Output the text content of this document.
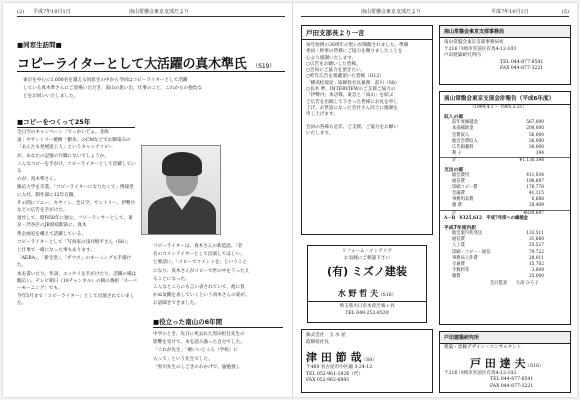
(2) 平成7年10月1日	南山常盤会東京支部だより
■同窓生訪問■
コピーライターとして大活躍の真木準氏 （S19）

東京を中心に1,600名を越える同窓生の中から今回はコピーライターとして活躍

している真木準さんにご登場いただき、南山の思い出、仕事のこと、これからの抱負な

どをお伺いいたしました。

■コピーをつくって25年

全日空のキャンペーン「でっかいどぉ。北海

道」やサントリー焼酎「樹氷」のCMなどでお馴染みの「あんたも発展途上人」というキャッチコピー

が、あなたの記憶の片隅にないでしょうか。

こんなコピーを手がけ、コピーライターとして活躍している

のが、真木準さん。

慶応大学を卒業、「コピーライターになりたくて」博報堂に入社。制作部に12年在籍。

その間にソニー、キヤノン、全日空、サントリー、伊勢丹などの広告を手がけた。

退社して、昭和58年に独立。フリーランサーとして、東京・渋谷区のJR原宿駅前に、真木

準企画室を構えて活躍している。

コピーライターとして「写真家の浅井慎平さん（S8）」

と仕事で一緒になった事もあります。

「AERA」、「新生堂」、「ザウス」のネーミングも手掛けた。

本を書いたり、作詞、エッセイを手がけたり、活躍の場は幅広い。テレビ朝日（10チャンネル）の朝の番組「スーパーモーニング」でも、

今年5月まで「コピーライター」として出演されていました。

コピーライターは、真木さんの新造語。「者

名のコメンテイターとして出演してほしい」

と要請に、「コピーでコメントを」ということ

になり、真木さんがコピーで世の中をうったえ

ることになった。

こんなところにも言い表されていて、他に負

かぬ気概を表していくという真木さんの姿が、

お話聞きできました。

■役立った南山の6年間

中学のとき、先日に死去れた黒田担任先生の

影響を受けて、本を読み漁った自分でした。

「これが先生」「硬いいところ（学校）に

入って」という先生でした。

「黒川先生のしごきのおかげで、猛勉強し

南山常盤会東京支部だより	平成7年10月1日	(5)
戸田支部長より一言

毎年恒例の30周年の集いが開催されました。準備

委員・幹事の皆様にご協力を賜りましたことを

心より感謝いたします。

○広告をお願いした皆様。

○会員にご協力を頂きたい。

○昨年広告を掲載頂いた皆様（G12）

「横浜松坂屋」取締役社長兼務　前川（S8）

○長木 準、INTERVIEWのご支援ご協力の

「伊勢丹」本店様、東急と「南山」を結ぶ

ご広告を出稿して下さった皆様にお礼を申し

上げ、お世話になった会社さん同士に感謝を

申し上げます。

会員の各様も是非、ご支援、ご協力をお願い

いたします。

リフォーム・インテリア
お気軽にご相談下さい
(有) ミズノ建装
水 野 哲 夫（S16）
埼玉県川口市木曽呂鳩ヶ谷
TEL 048-252-8520
株式会社　玉 水 屋
取締役社長
津 田 節 哉（S8）
〒460 名古屋市中区錦 3-24-12
TEL 052-961-1826（代）
FAX 052-962-6895
南山常盤会東京支部事務局
南山常盤会東京支部事務局宛
〒216 川崎市宮前区有馬4-12-103
戸田建築研究所内
TEL 044-877-8541
FAX 044-877-3221
南山常盤会東京支部会計報告（平成6年度）
（1994.4.1 ～ 1995.3.31）
収入の部
前年度繰越金	567,000
本部補助金	200,000
会費収入	56,000
総会会費収入	36,000
広告掲載料	30,000
利 子	394
計	¥1,136,398
支出の部
総会費用	411,034
通信費	106,697
印刷コピー費	176,778
会議費	41,115
事務用品費	6,688
雑 費	28,409
計	¥830,697
A－B　¥325,612　平成7年度への繰越金
平成7年度内訳
総会案内状発送	133,511
通信費	31,660
人工賃	25,527
印刷・コピー・通信	79,722
事務局人件費	28,011
交通費	15,702
手数料等	3,809
雑費	25,000
会計監査　　大高 ひろ子
戸田建築研究所
建築・景観デザイン・コンサルタント
戸 田 達 夫（S16）
〒216 川崎市宮前区有馬4-12-103
TEL 044-877-8541
FAX 044-877-3221
